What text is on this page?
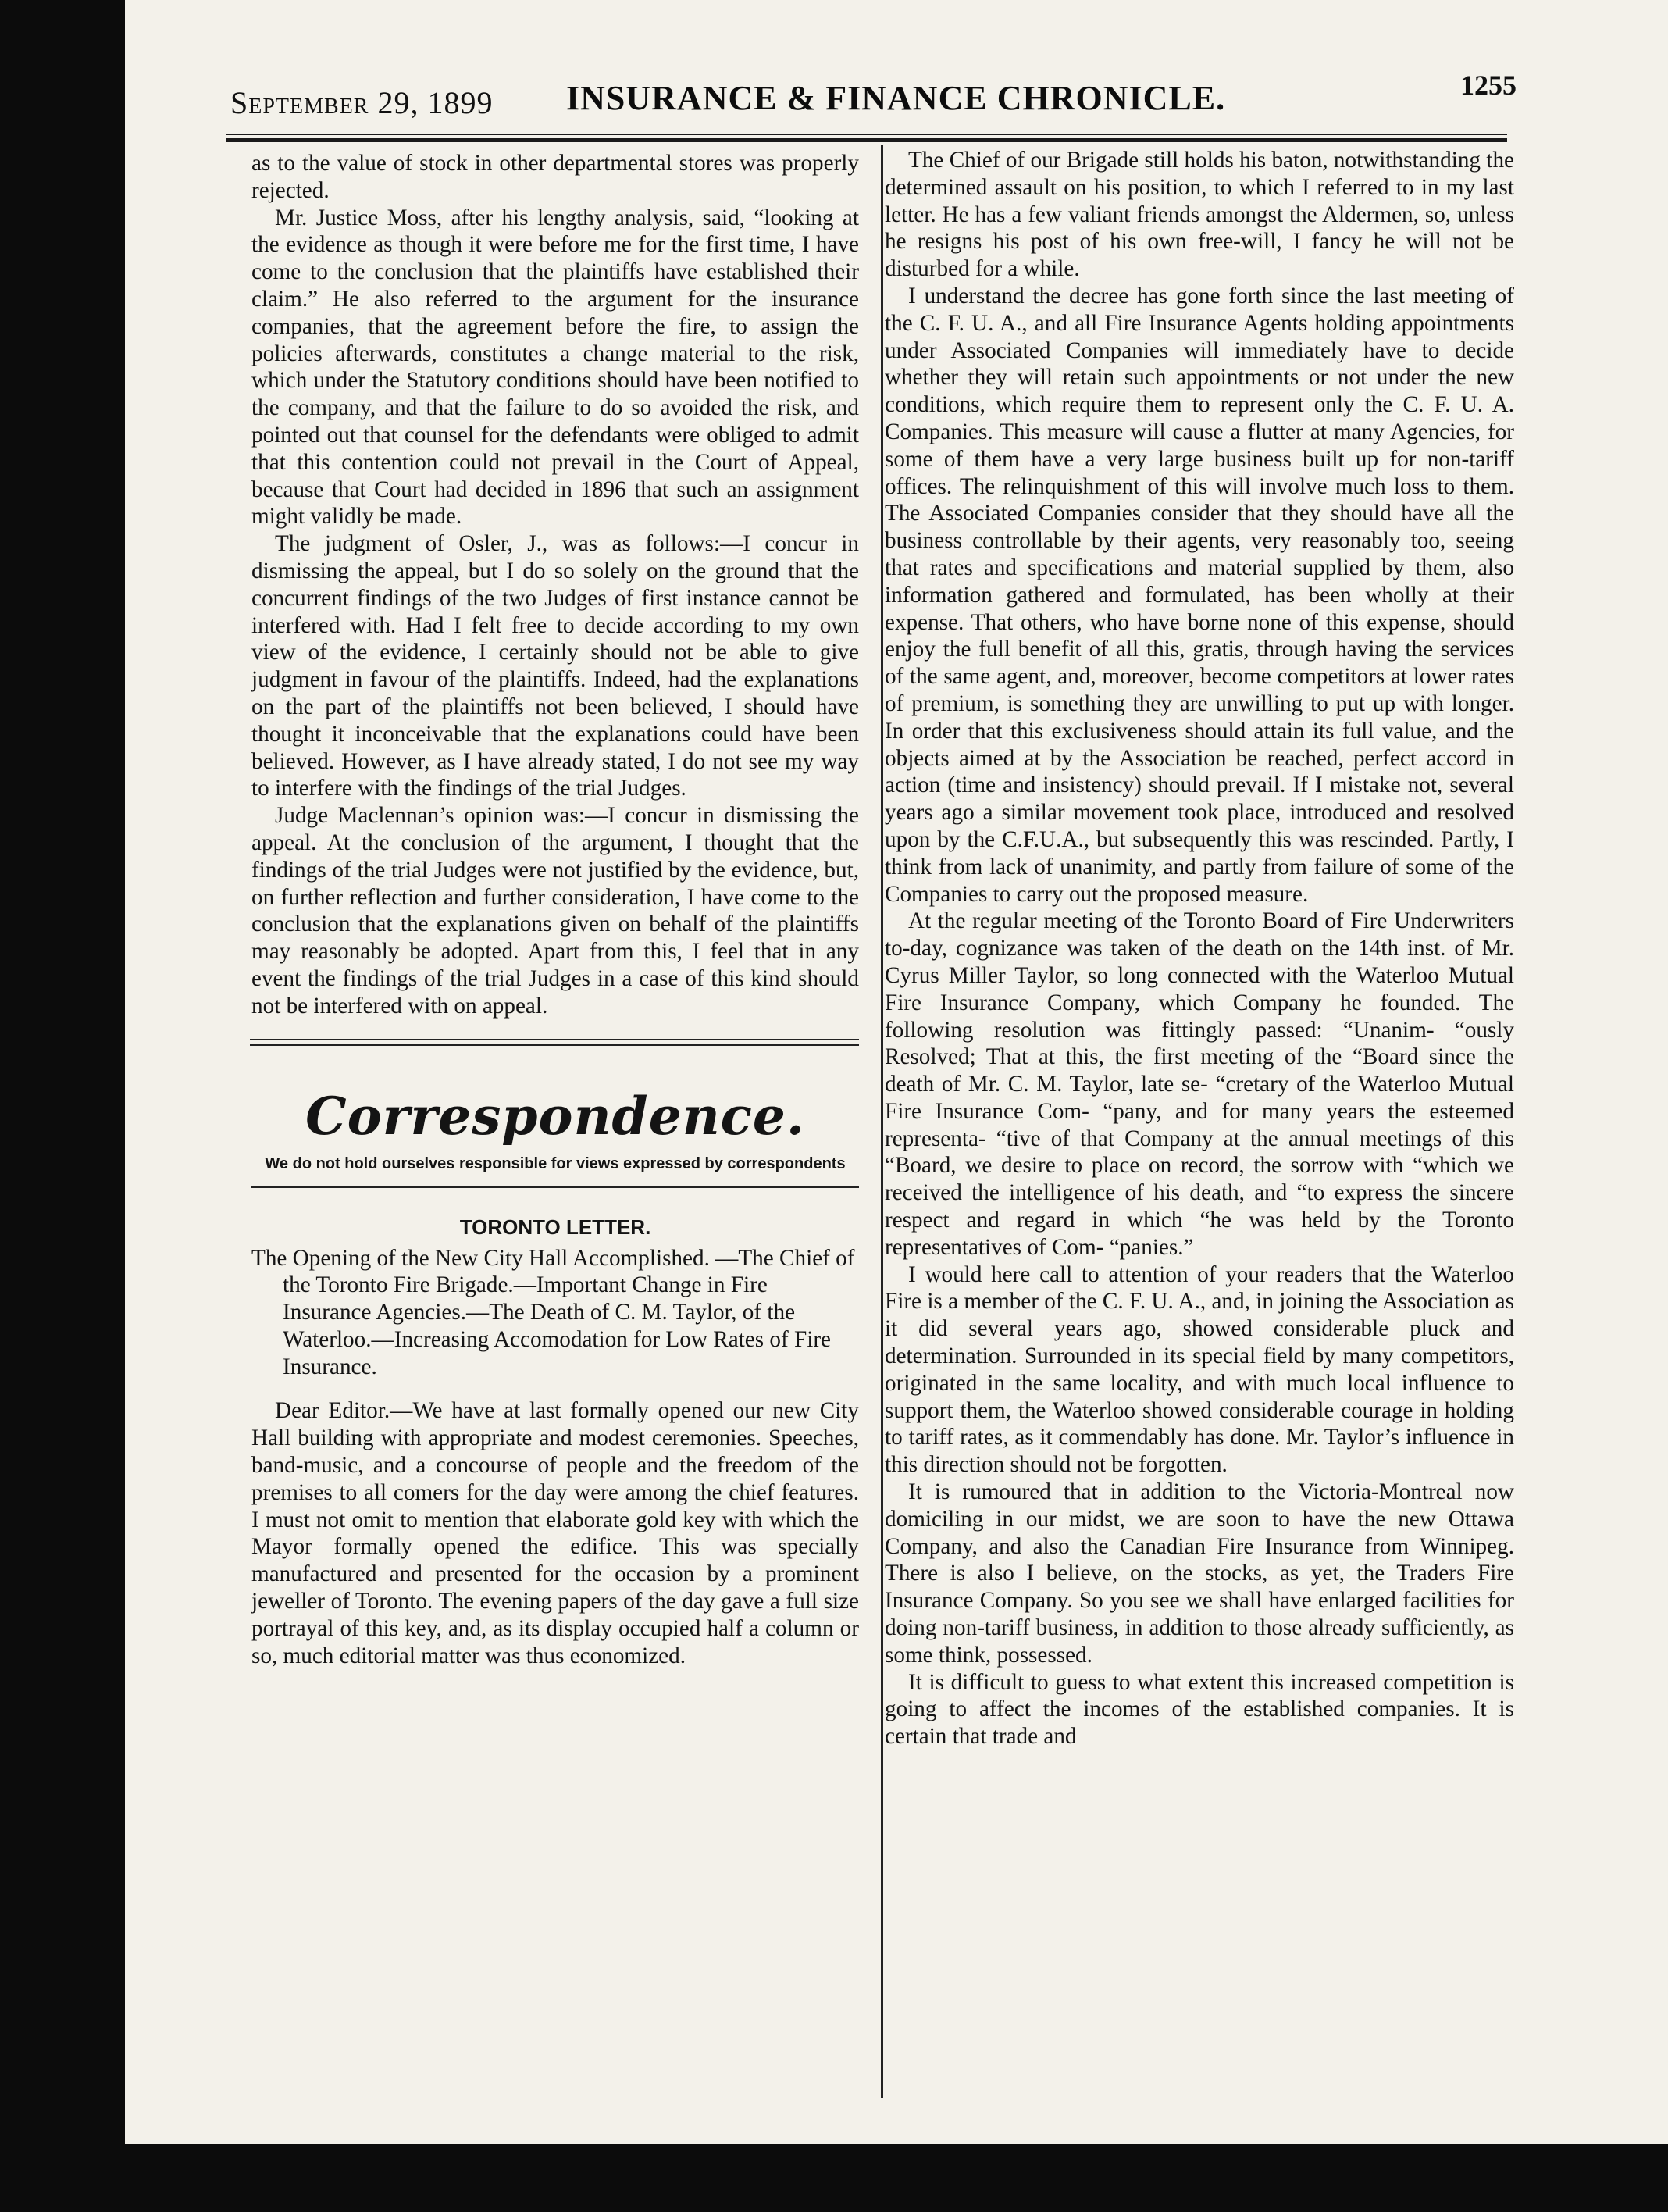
September 29, 1899 INSURANCE & FINANCE CHRONICLE.	1255

as to the value of stock in other departmental stores was properly rejected.

Mr. Justice Moss, after his lengthy analysis, said, “looking at the evidence as though it were before me for the first time, I have come to the conclusion that the plaintiffs have established their claim.” He also referred to the argument for the insurance companies, that the agreement before the fire, to assign the policies afterwards, constitutes a change material to the risk, which under the Statutory conditions should have been notified to the company, and that the failure to do so avoided the risk, and pointed out that counsel for the defendants were obliged to admit that this contention could not prevail in the Court of Appeal, because that Court had decided in 1896 that such an assignment might validly be made.

The judgment of Osler, J., was as follows:—I concur in dismissing the appeal, but I do so solely on the ground that the concurrent findings of the two Judges of first instance cannot be interfered with. Had I felt free to decide according to my own view of the evidence, I certainly should not be able to give judgment in favour of the plaintiffs. Indeed, had the explanations on the part of the plaintiffs not been believed, I should have thought it inconceivable that the explanations could have been believed. However, as I have already stated, I do not see my way to interfere with the findings of the trial Judges.

Judge Maclennan’s opinion was:—I concur in dismissing the appeal. At the conclusion of the argument, I thought that the findings of the trial Judges were not justified by the evidence, but, on further reflection and further consideration, I have come to the conclusion that the explanations given on behalf of the plaintiffs may reasonably be adopted. Apart from this, I feel that in any event the findings of the trial Judges in a case of this kind should not be interfered with on appeal.

Correspondence.
We do not hold ourselves responsible for views expressed by correspondents
TORONTO LETTER.
The Opening of the New City Hall Accomplished. —The Chief of the Toronto Fire Brigade.—Important Change in Fire Insurance Agencies.—The Death of C. M. Taylor, of the Waterloo.—Increasing Accomodation for Low Rates of Fire Insurance.

Dear Editor.—We have at last formally opened our new City Hall building with appropriate and modest ceremonies. Speeches, band-music, and a concourse of people and the freedom of the premises to all comers for the day were among the chief features. I must not omit to mention that elaborate gold key with which the Mayor formally opened the edifice. This was specially manufactured and presented for the occasion by a prominent jeweller of Toronto. The evening papers of the day gave a full size portrayal of this key, and, as its display occupied half a column or so, much editorial matter was thus economized.

The Chief of our Brigade still holds his baton, notwithstanding the determined assault on his position, to which I referred to in my last letter. He has a few valiant friends amongst the Aldermen, so, unless he resigns his post of his own free-will, I fancy he will not be disturbed for a while.

I understand the decree has gone forth since the last meeting of the C. F. U. A., and all Fire Insurance Agents holding appointments under Associated Companies will immediately have to decide whether they will retain such appointments or not under the new conditions, which require them to represent only the C. F. U. A. Companies. This measure will cause a flutter at many Agencies, for some of them have a very large business built up for non-tariff offices. The relinquishment of this will involve much loss to them. The Associated Companies consider that they should have all the business controllable by their agents, very reasonably too, seeing that rates and specifications and material supplied by them, also information gathered and formulated, has been wholly at their expense. That others, who have borne none of this expense, should enjoy the full benefit of all this, gratis, through having the services of the same agent, and, moreover, become competitors at lower rates of premium, is something they are unwilling to put up with longer. In order that this exclusiveness should attain its full value, and the objects aimed at by the Association be reached, perfect accord in action (time and insistency) should prevail. If I mistake not, several years ago a similar movement took place, introduced and resolved upon by the C.F.U.A., but subsequently this was rescinded. Partly, I think from lack of unanimity, and partly from failure of some of the Companies to carry out the proposed measure.

At the regular meeting of the Toronto Board of Fire Underwriters to-day, cognizance was taken of the death on the 14th inst. of Mr. Cyrus Miller Taylor, so long connected with the Waterloo Mutual Fire Insurance Company, which Company he founded. The following resolution was fittingly passed: “Unanim- “ously Resolved; That at this, the first meeting of the “Board since the death of Mr. C. M. Taylor, late se- “cretary of the Waterloo Mutual Fire Insurance Com- “pany, and for many years the esteemed representa- “tive of that Company at the annual meetings of this “Board, we desire to place on record, the sorrow with “which we received the intelligence of his death, and “to express the sincere respect and regard in which “he was held by the Toronto representatives of Com- “panies.”

I would here call to attention of your readers that the Waterloo Fire is a member of the C. F. U. A., and, in joining the Association as it did several years ago, showed considerable pluck and determination. Surrounded in its special field by many competitors, originated in the same locality, and with much local influence to support them, the Waterloo showed considerable courage in holding to tariff rates, as it commendably has done. Mr. Taylor’s influence in this direction should not be forgotten.

It is rumoured that in addition to the Victoria-Montreal now domiciling in our midst, we are soon to have the new Ottawa Company, and also the Canadian Fire Insurance from Winnipeg. There is also I believe, on the stocks, as yet, the Traders Fire Insurance Company. So you see we shall have enlarged facilities for doing non-tariff business, in addition to those already sufficiently, as some think, possessed.

It is difficult to guess to what extent this increased competition is going to affect the incomes of the established companies. It is certain that trade and
